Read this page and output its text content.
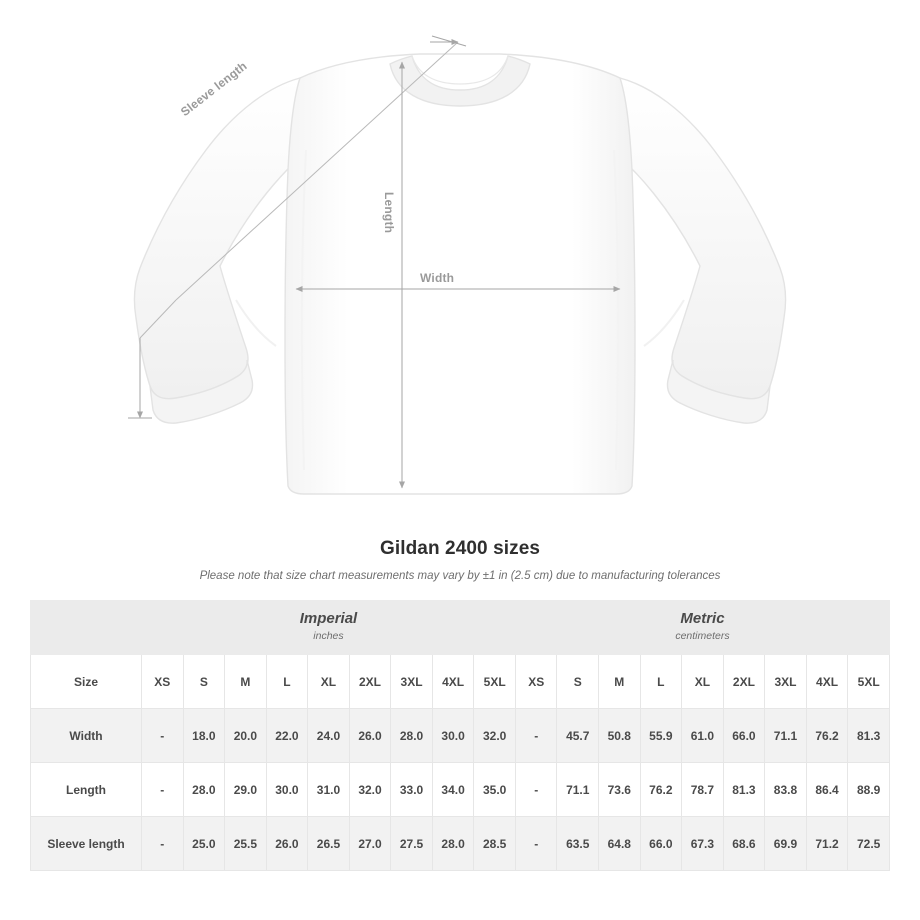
Sleeve length
Length
Width
Gildan 2400 sizes

Please note that size chart measurements may vary by ±1 in (2.5 cm) due to manufacturing tolerances

	Imperial
inches									Metric
centimeters								

Size	XS	S	M	L	XL	2XL	3XL	4XL	5XL	XS	S	M	L	XL	2XL	3XL	4XL	5XL
Width	-	18.0	20.0	22.0	24.0	26.0	28.0	30.0	32.0	-	45.7	50.8	55.9	61.0	66.0	71.1	76.2	81.3
Length	-	28.0	29.0	30.0	31.0	32.0	33.0	34.0	35.0	-	71.1	73.6	76.2	78.7	81.3	83.8	86.4	88.9
Sleeve length	-	25.0	25.5	26.0	26.5	27.0	27.5	28.0	28.5	-	63.5	64.8	66.0	67.3	68.6	69.9	71.2	72.5
